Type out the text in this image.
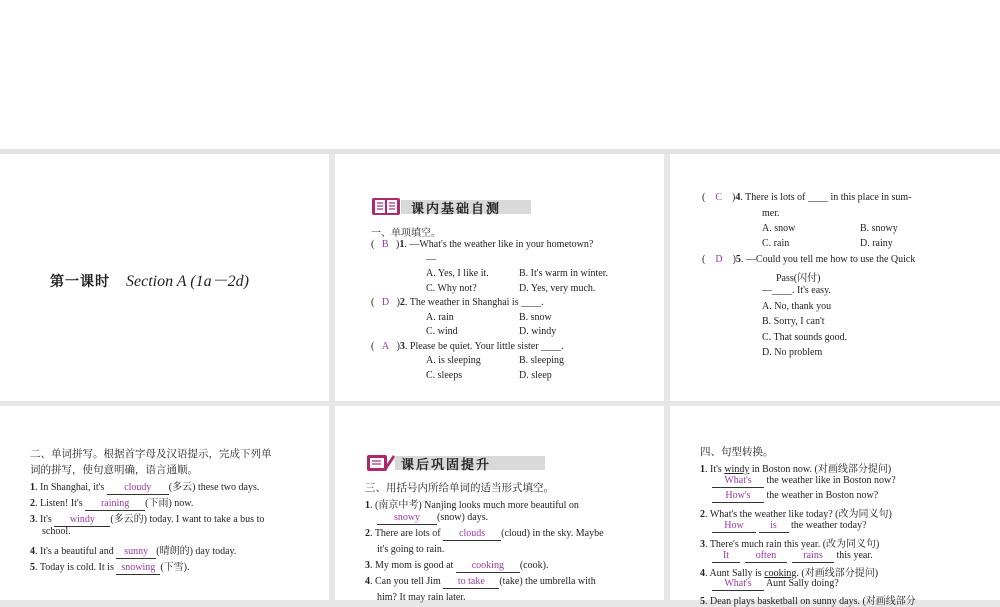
第一课时 Section A (1a－2d)
课内基础自测
一、单项填空。
(   B   )1. —What's the weather like in your hometown?
—
A. Yes, I like it.	B. It's warm in winter.
C. Why not?	D. Yes, very much.
(   D   )2. The weather in Shanghai is ____.
A. rain	B. snow
C. wind	D. windy
(   A   )3. Please be quiet. Your little sister ____.
A. is sleeping	B. sleeping
C. sleeps	D. sleep
(    C    )4. There is lots of ____ in this place in sum-
mer.
A. snow	B. snowy
C. rain	D. rainy
(    D    )5. —Could you tell me how to use the Quick
Pass(闪付)
—____. It's easy.
A. No, thank you
B. Sorry, I can't
C. That sounds good.
D. No problem
二、单词拼写。根据首字母及汉语提示，完成下列单
词的拼写，使句意明确，语言通顺。
1. In Shanghai, it's cloudy (多云) these two days.
2. Listen! It's raining (下雨) now.
3. It's windy (多云的) today. I want to take a bus to
school.
4. It's a beautiful and sunny (晴朗的) day today.
5. Today is cold. It is snowing (下雪).
课后巩固提升
三、用括号内所给单词的适当形式填空。
1. (南京中考) Nanjing looks much more beautiful on
snowy (snow) days.
2. There are lots of clouds (cloud) in the sky. Maybe
it's going to rain.
3. My mom is good at cooking (cook).
4. Can you tell Jim to take (take) the umbrella with
him? It may rain later.
四、句型转换。
1. It's windy in Boston now. (对画线部分提问)
What's the weather like in Boston now?
How's the weather in Boston now?
2. What's the weather like today? (改为同义句)
How	is the weather today?
3. There's much rain this year. (改为同义句)
It	often	rains this year.
4. Aunt Sally is cooking. (对画线部分提问)
What's Aunt Sally doing?
5. Dean plays basketball on sunny days. (对画线部分
